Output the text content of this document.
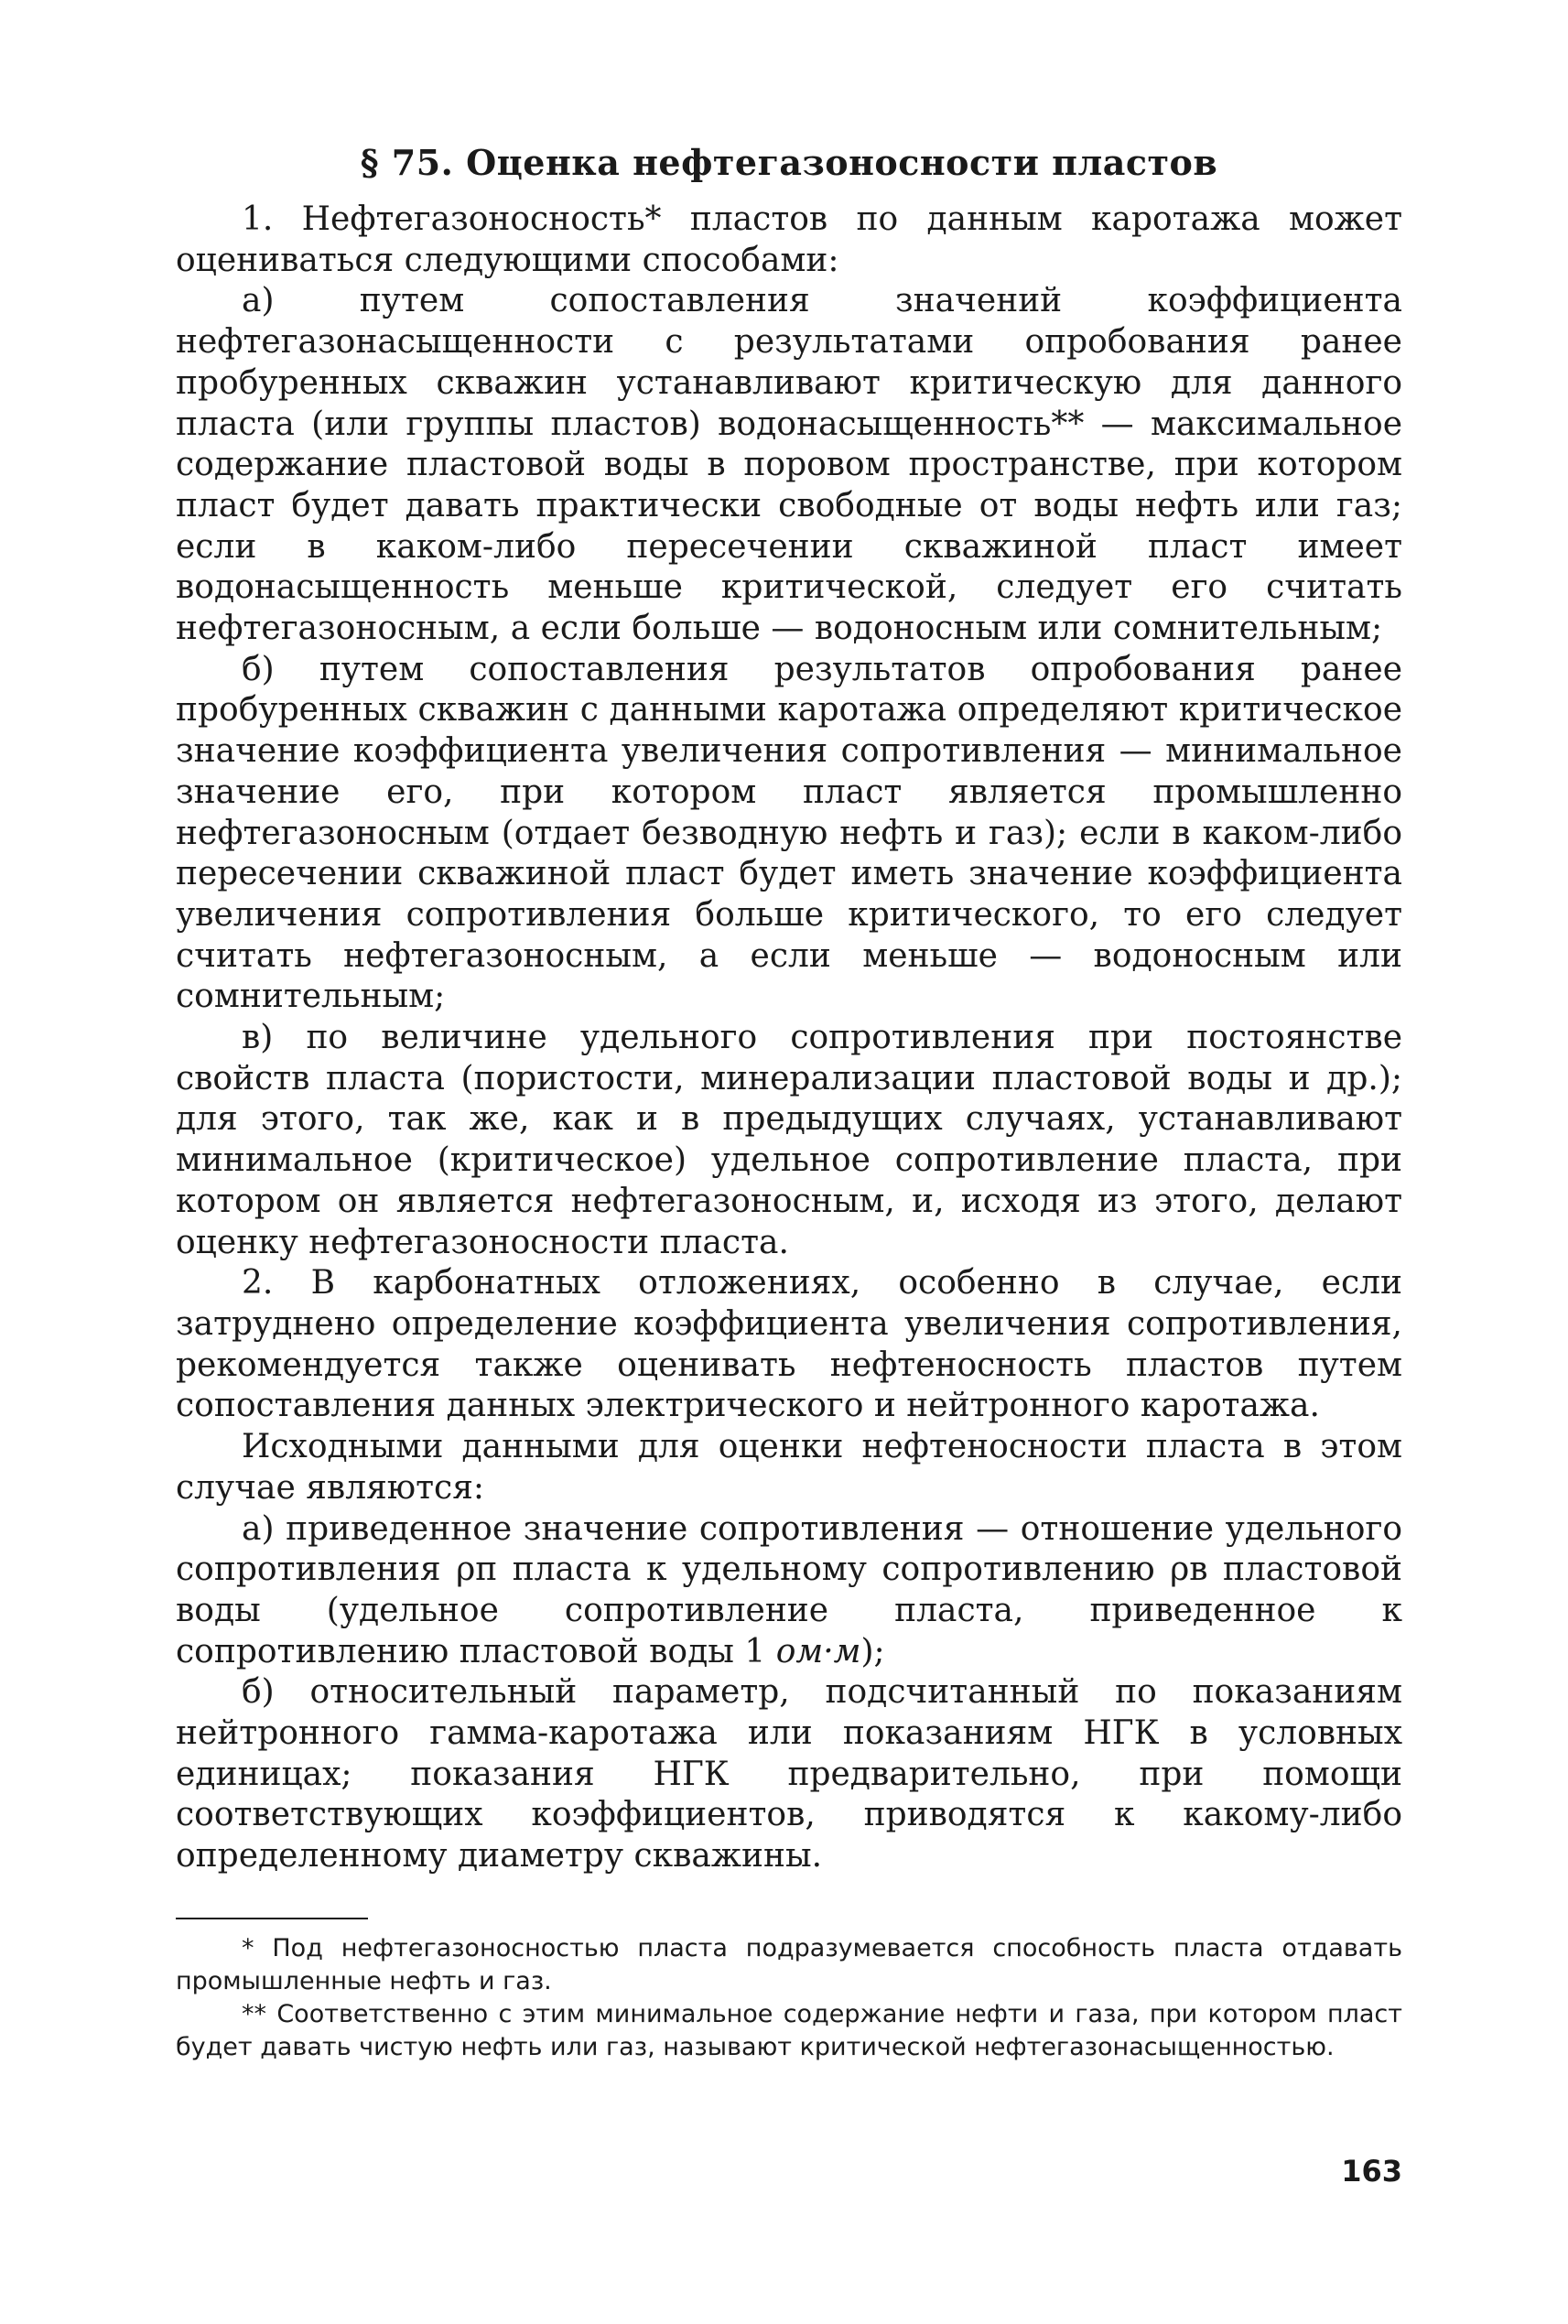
§ 75. Оценка нефтегазоносности пластов

1. Нефтегазоносность* пластов по данным каротажа может оцениваться следующими способами:

а) путем сопоставления значений коэффициента нефтегазонасыщенности с результатами опробования ранее пробуренных скважин устанавливают критическую для данного пласта (или группы пластов) водонасыщенность** — максимальное содержание пластовой воды в поровом пространстве, при котором пласт будет давать практически свободные от воды нефть или газ; если в каком-либо пересечении скважиной пласт имеет водонасыщенность меньше критической, следует его считать нефтегазоносным, а если больше — водоносным или сомнительным;

б) путем сопоставления результатов опробования ранее пробуренных скважин с данными каротажа определяют критическое значение коэффициента увеличения сопротивления — минимальное значение его, при котором пласт является промышленно нефтегазоносным (отдает безводную нефть и газ); если в каком-либо пересечении скважиной пласт будет иметь значение коэффициента увеличения сопротивления больше критического, то его следует считать нефтегазоносным, а если меньше — водоносным или сомнительным;

в) по величине удельного сопротивления при постоянстве свойств пласта (пористости, минерализации пластовой воды и др.); для этого, так же, как и в предыдущих случаях, устанавливают минимальное (критическое) удельное сопротивление пласта, при котором он является нефтегазоносным, и, исходя из этого, делают оценку нефтегазоносности пласта.

2. В карбонатных отложениях, особенно в случае, если затруднено определение коэффициента увеличения сопротивления, рекомендуется также оценивать нефтеносность пластов путем сопоставления данных электрического и нейтронного каротажа.

Исходными данными для оценки нефтеносности пласта в этом случае являются:

а) приведенное значение сопротивления — отношение удельного сопротивления ρп пласта к удельному сопротивлению ρв пластовой воды (удельное сопротивление пласта, приведенное к сопротивлению пластовой воды 1 ом·м);

б) относительный параметр, подсчитанный по показаниям нейтронного гамма-каротажа или показаниям НГК в условных единицах; показания НГК предварительно, при помощи соответствующих коэффициентов, приводятся к какому-либо определенному диаметру скважины.

* Под нефтегазоносностью пласта подразумевается способность пласта отдавать промышленные нефть и газ.

** Соответственно с этим минимальное содержание нефти и газа, при котором пласт будет давать чистую нефть или газ, называют критической нефтегазонасыщенностью.

163
